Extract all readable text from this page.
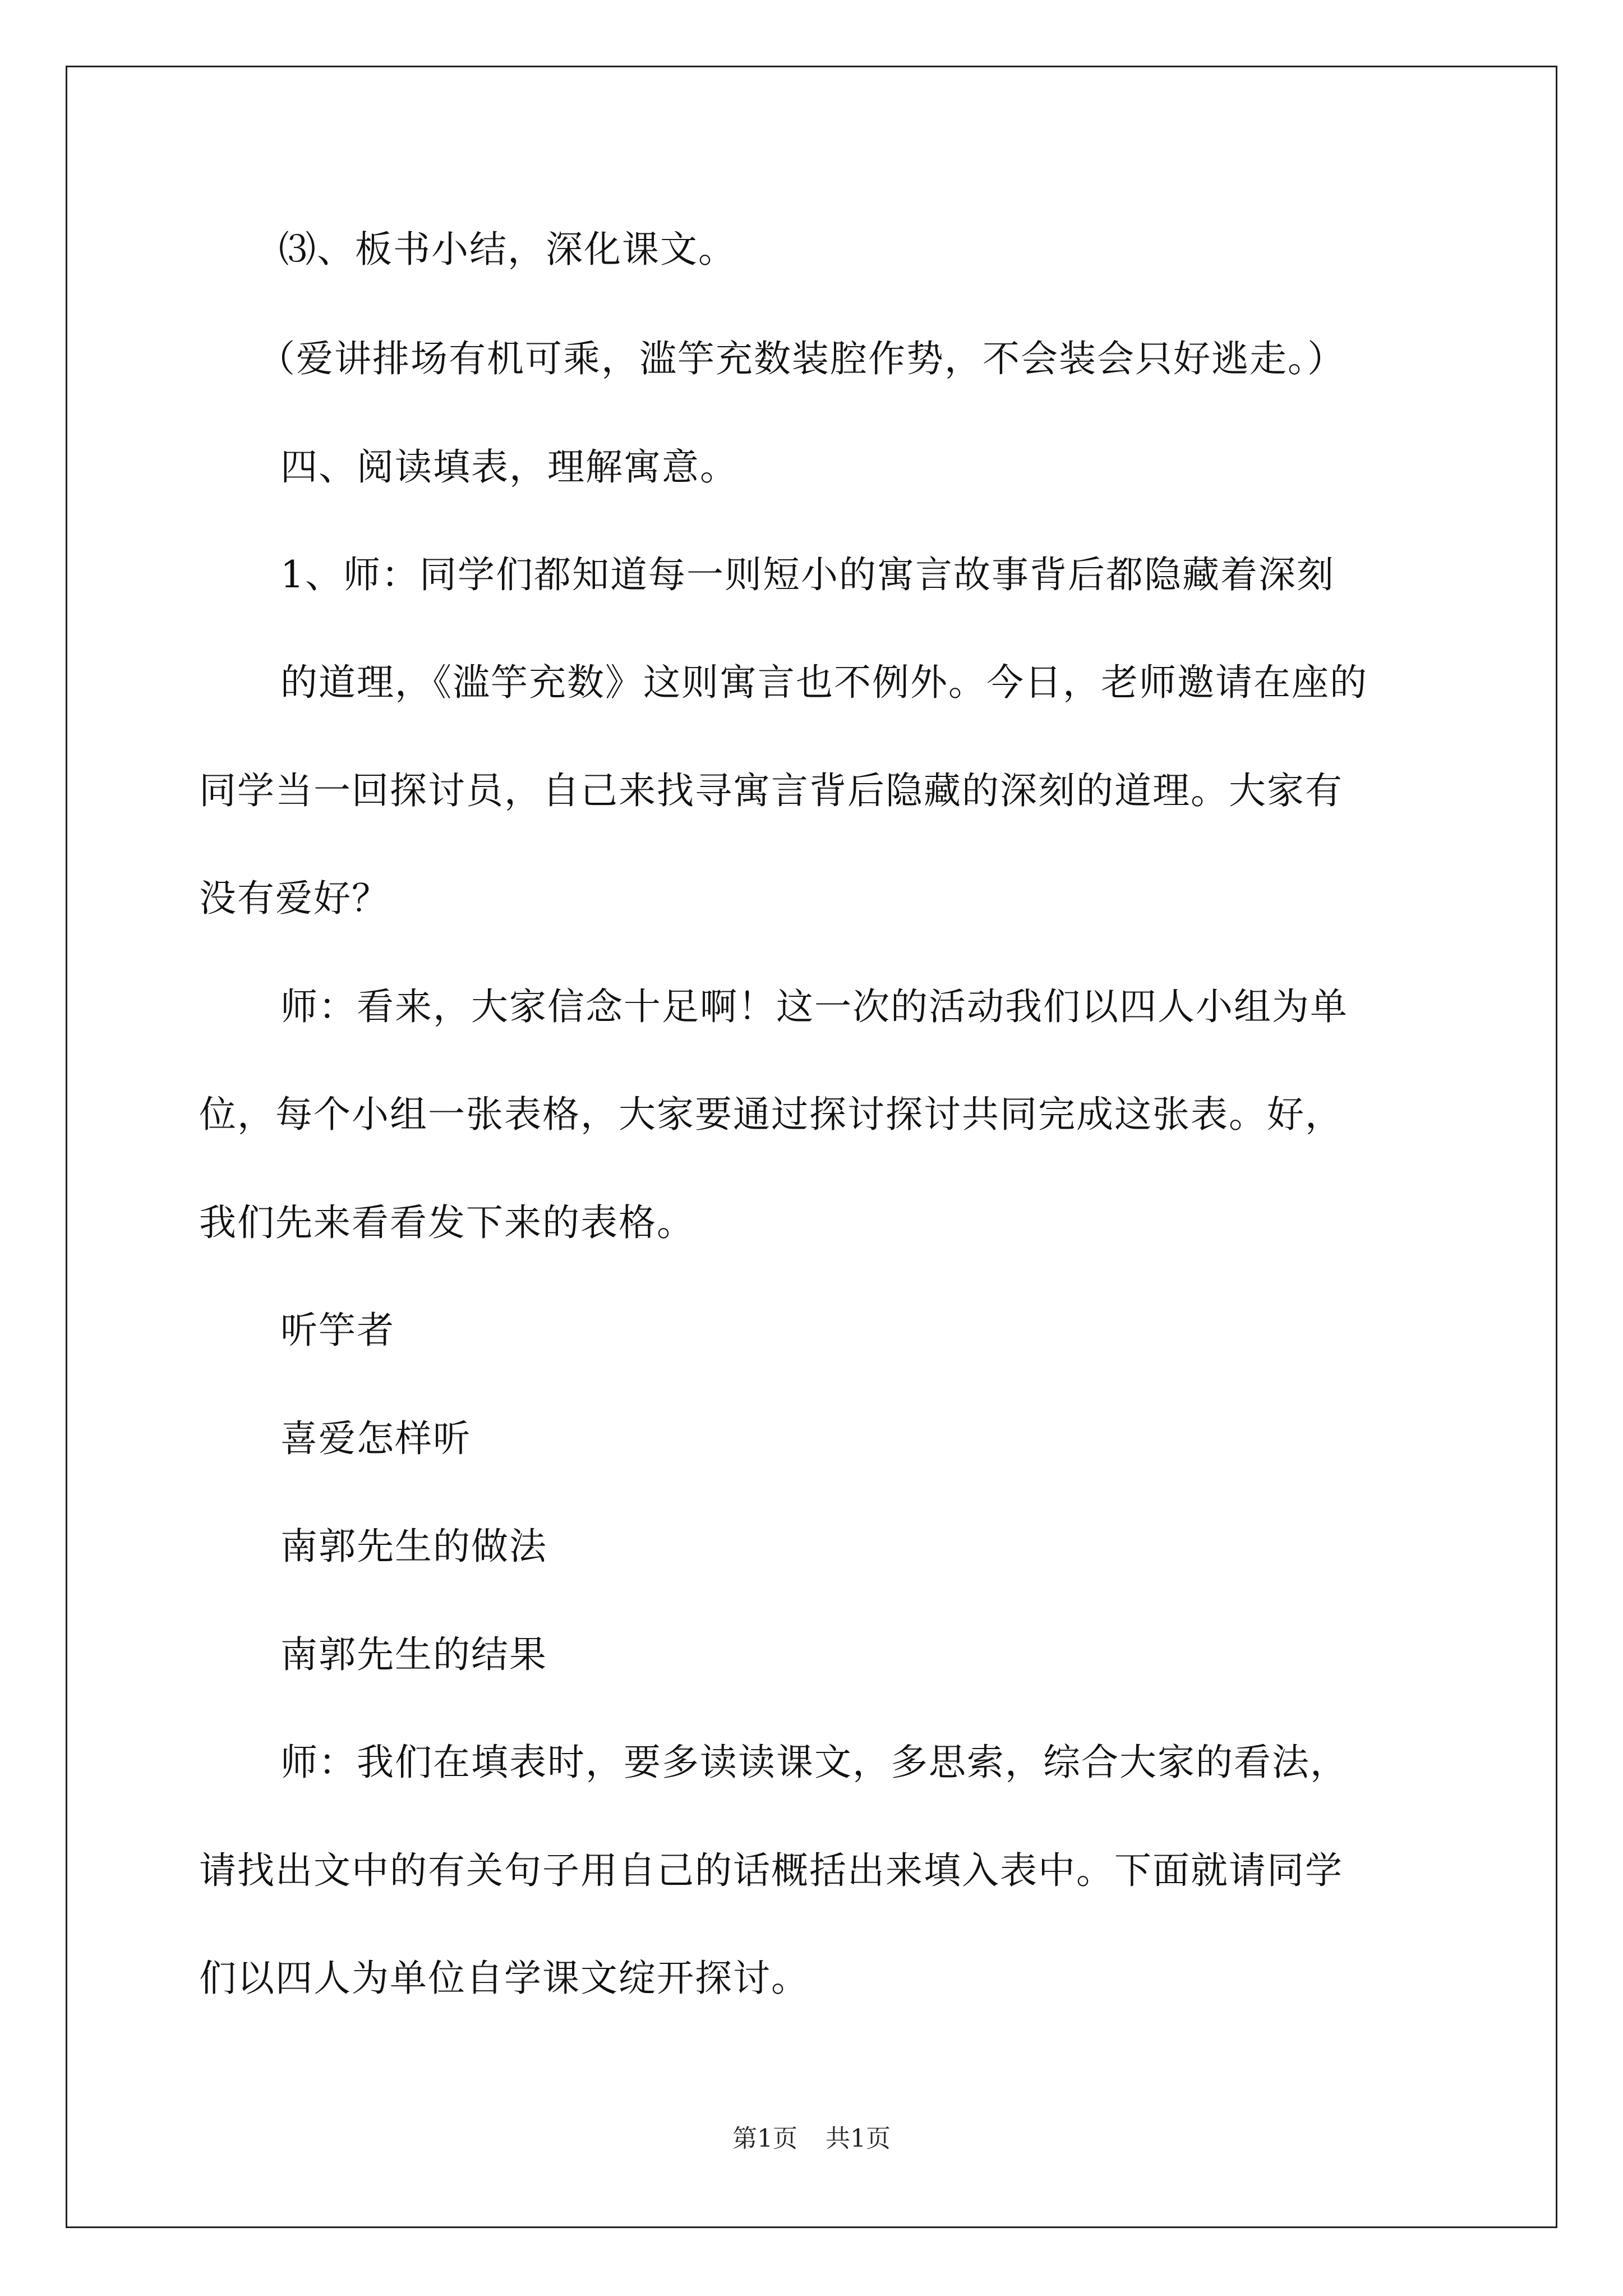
⑶、板书小结，深化课文。
（爱讲排场有机可乘，滥竽充数装腔作势，不会装会只好逃走。）
四、阅读填表，理解寓意。
1、师：同学们都知道每一则短小的寓言故事背后都隐藏着深刻
的道理，《滥竽充数》这则寓言也不例外。今日，老师邀请在座的
同学当一回探讨员，自己来找寻寓言背后隐藏的深刻的道理。大家有
没有爱好？
师：看来，大家信念十足啊！这一次的活动我们以四人小组为单
位，每个小组一张表格，大家要通过探讨探讨共同完成这张表。好，
我们先来看看发下来的表格。
听竽者
喜爱怎样听
南郭先生的做法
南郭先生的结果
师：我们在填表时，要多读读课文，多思索，综合大家的看法，
请找出文中的有关句子用自己的话概括出来填入表中。下面就请同学
们以四人为单位自学课文绽开探讨。
第1页 共1页
